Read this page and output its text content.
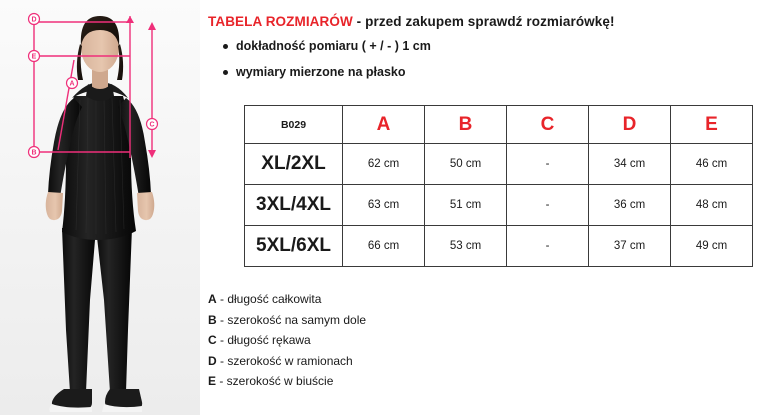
D
E
A
B
C
TABELA ROZMIARÓW - przed zakupem sprawdź rozmiarówkę!
dokładność pomiaru ( + / - ) 1 cm
wymiary mierzone na płasko
B029	A	B	C	D	E
XL/2XL	62 cm	50 cm	-	34 cm	46 cm
3XL/4XL	63 cm	51 cm	-	36 cm	48 cm
5XL/6XL	66 cm	53 cm	-	37 cm	49 cm
A - długość całkowita
B - szerokość na samym dole
C - długość rękawa
D - szerokość w ramionach
E - szerokość w biuście
